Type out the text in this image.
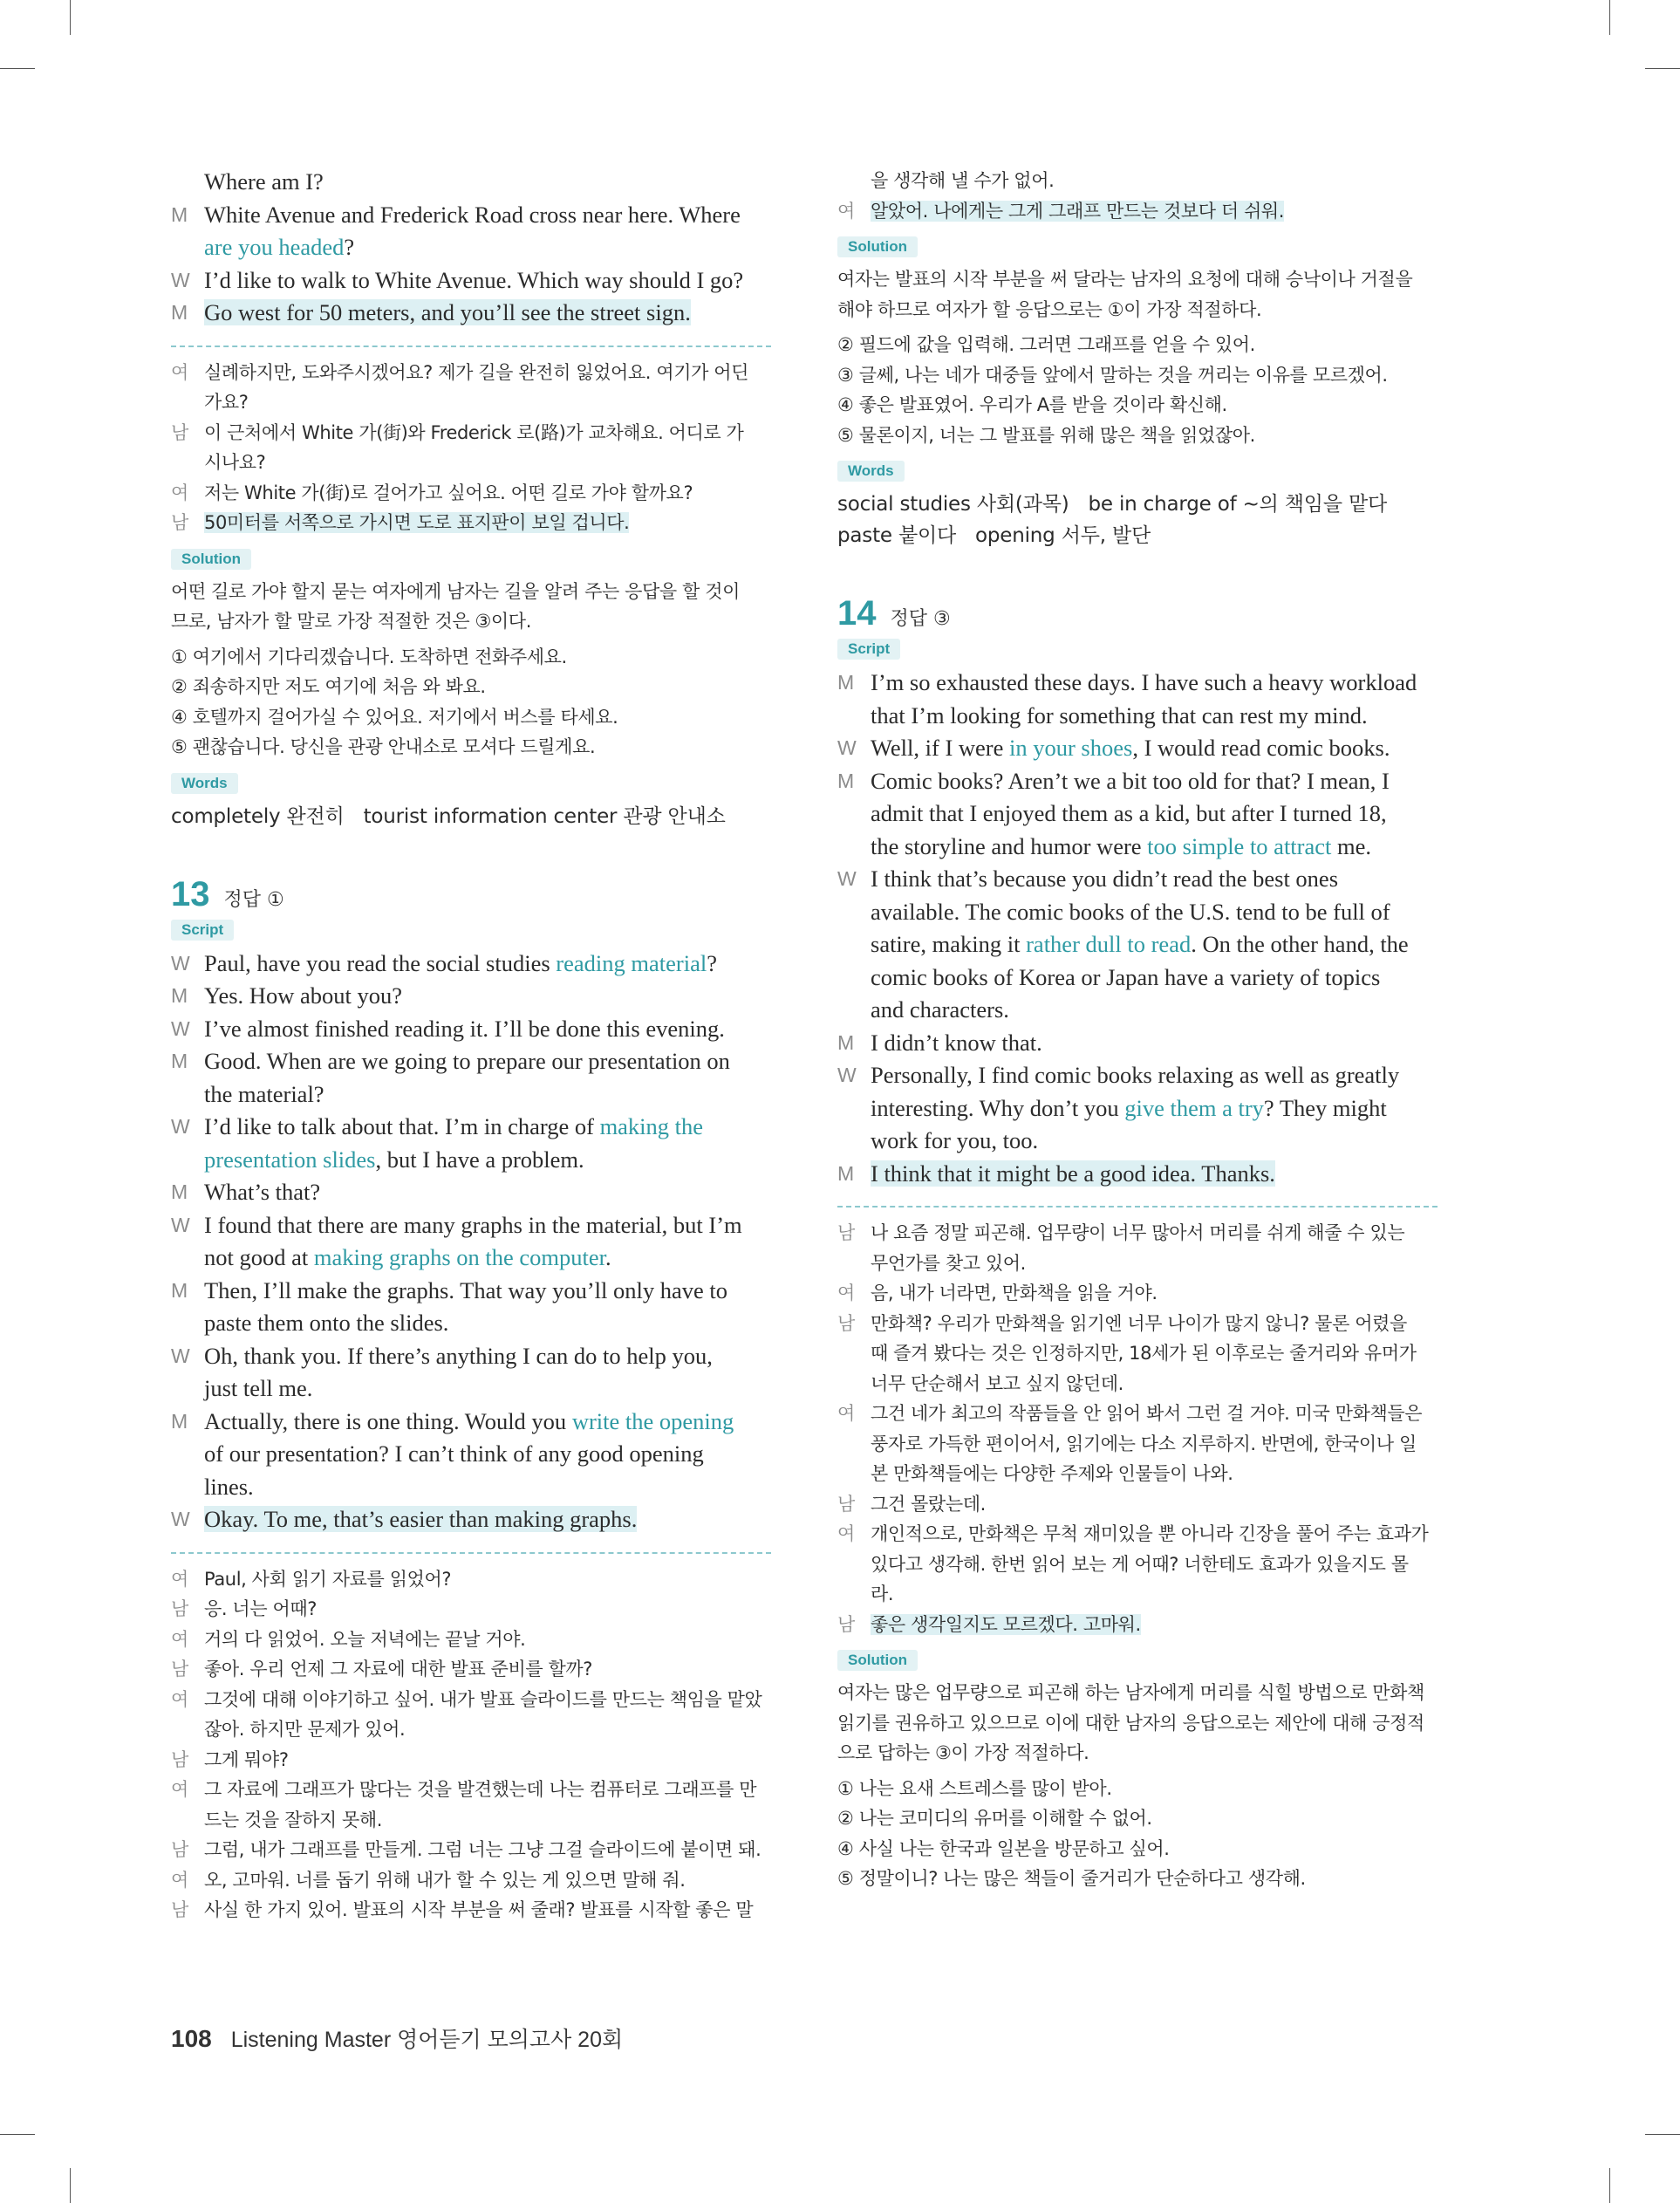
Where am I?
M White Avenue and Frederick Road cross near here. Where
are you headed?
W I’d like to walk to White Avenue. Which way should I go?
M Go west for 50 meters, and you’ll see the street sign.
여 실례하지만, 도와주시겠어요? 제가 길을 완전히 잃었어요. 여기가 어딘
가요?
남 이 근처에서 White 가(街)와 Frederick 로(路)가 교차해요. 어디로 가
시나요?
여 저는 White 가(街)로 걸어가고 싶어요. 어떤 길로 가야 할까요?
남 50미터를 서쪽으로 가시면 도로 표지판이 보일 겁니다.
Solution
어떤 길로 가야 할지 묻는 여자에게 남자는 길을 알려 주는 응답을 할 것이
므로, 남자가 할 말로 가장 적절한 것은 ③이다.
① 여기에서 기다리겠습니다. 도착하면 전화주세요.
② 죄송하지만 저도 여기에 처음 와 봐요.
④ 호텔까지 걸어가실 수 있어요. 저기에서 버스를 타세요.
⑤ 괜찮습니다. 당신을 관광 안내소로 모셔다 드릴게요.
Words
completely 완전히 tourist information center 관광 안내소
13 정답 ①
Script
W Paul, have you read the social studies reading material?
M Yes. How about you?
W I’ve almost finished reading it. I’ll be done this evening.
M Good. When are we going to prepare our presentation on
the material?
W I’d like to talk about that. I’m in charge of making the
presentation slides, but I have a problem.
M What’s that?
W I found that there are many graphs in the material, but I’m
not good at making graphs on the computer.
M Then, I’ll make the graphs. That way you’ll only have to
paste them onto the slides.
W Oh, thank you. If there’s anything I can do to help you,
just tell me.
M Actually, there is one thing. Would you write the opening
of our presentation? I can’t think of any good opening
lines.
W Okay. To me, that’s easier than making graphs.
여 Paul, 사회 읽기 자료를 읽었어?
남 응. 너는 어때?
여 거의 다 읽었어. 오늘 저녁에는 끝날 거야.
남 좋아. 우리 언제 그 자료에 대한 발표 준비를 할까?
여 그것에 대해 이야기하고 싶어. 내가 발표 슬라이드를 만드는 책임을 맡았
잖아. 하지만 문제가 있어.
남 그게 뭐야?
여 그 자료에 그래프가 많다는 것을 발견했는데 나는 컴퓨터로 그래프를 만
드는 것을 잘하지 못해.
남 그럼, 내가 그래프를 만들게. 그럼 너는 그냥 그걸 슬라이드에 붙이면 돼.
여 오, 고마워. 너를 돕기 위해 내가 할 수 있는 게 있으면 말해 줘.
남 사실 한 가지 있어. 발표의 시작 부분을 써 줄래? 발표를 시작할 좋은 말
을 생각해 낼 수가 없어.
여 알았어. 나에게는 그게 그래프 만드는 것보다 더 쉬워.
Solution
여자는 발표의 시작 부분을 써 달라는 남자의 요청에 대해 승낙이나 거절을
해야 하므로 여자가 할 응답으로는 ①이 가장 적절하다.
② 필드에 값을 입력해. 그러면 그래프를 얻을 수 있어.
③ 글쎄, 나는 네가 대중들 앞에서 말하는 것을 꺼리는 이유를 모르겠어.
④ 좋은 발표였어. 우리가 A를 받을 것이라 확신해.
⑤ 물론이지, 너는 그 발표를 위해 많은 책을 읽었잖아.
Words
social studies 사회(과목) be in charge of ~의 책임을 맡다
paste 붙이다 opening 서두, 발단
14 정답 ③
Script
M I’m so exhausted these days. I have such a heavy workload
that I’m looking for something that can rest my mind.
W Well, if I were in your shoes, I would read comic books.
M Comic books? Aren’t we a bit too old for that? I mean, I
admit that I enjoyed them as a kid, but after I turned 18,
the storyline and humor were too simple to attract me.
W I think that’s because you didn’t read the best ones
available. The comic books of the U.S. tend to be full of
satire, making it rather dull to read. On the other hand, the
comic books of Korea or Japan have a variety of topics
and characters.
M I didn’t know that.
W Personally, I find comic books relaxing as well as greatly
interesting. Why don’t you give them a try? They might
work for you, too.
M I think that it might be a good idea. Thanks.
남 나 요즘 정말 피곤해. 업무량이 너무 많아서 머리를 쉬게 해줄 수 있는
무언가를 찾고 있어.
여 음, 내가 너라면, 만화책을 읽을 거야.
남 만화책? 우리가 만화책을 읽기엔 너무 나이가 많지 않니? 물론 어렸을
때 즐겨 봤다는 것은 인정하지만, 18세가 된 이후로는 줄거리와 유머가
너무 단순해서 보고 싶지 않던데.
여 그건 네가 최고의 작품들을 안 읽어 봐서 그런 걸 거야. 미국 만화책들은
풍자로 가득한 편이어서, 읽기에는 다소 지루하지. 반면에, 한국이나 일
본 만화책들에는 다양한 주제와 인물들이 나와.
남 그건 몰랐는데.
여 개인적으로, 만화책은 무척 재미있을 뿐 아니라 긴장을 풀어 주는 효과가
있다고 생각해. 한번 읽어 보는 게 어때? 너한테도 효과가 있을지도 몰
라.
남 좋은 생각일지도 모르겠다. 고마워.
Solution
여자는 많은 업무량으로 피곤해 하는 남자에게 머리를 식힐 방법으로 만화책
읽기를 권유하고 있으므로 이에 대한 남자의 응답으로는 제안에 대해 긍정적
으로 답하는 ③이 가장 적절하다.
① 나는 요새 스트레스를 많이 받아.
② 나는 코미디의 유머를 이해할 수 없어.
④ 사실 나는 한국과 일본을 방문하고 싶어.
⑤ 정말이니? 나는 많은 책들이 줄거리가 단순하다고 생각해.
108 Listening Master 영어듣기 모의고사 20회
